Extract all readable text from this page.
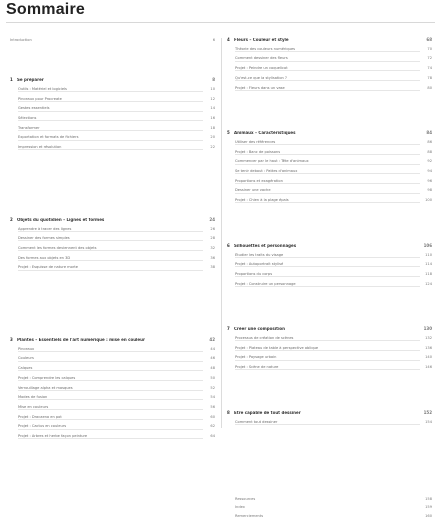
Sommaire
Introduction	6
1	Se préparer	8
Outils : Matériel et logiciels	10
Pinceaux pour Procreate	12
Gestes essentiels	14
Sélections	16
Transformer	18
Exportation et formats de fichiers	20
Impression et résolution	22
2	Objets du quotidien – Lignes et formes	24
Apprendre à tracer des lignes	26
Dessiner des formes simples	28
Comment les formes deviennent des objets	32
Des formes aux objets en 3D	36
Projet : Esquisse de nature morte	38
3	Plantes – Essentiels de l'art numérique : mise en couleur	42
Pinceaux	44
Couleurs	46
Calques	48
Projet : Comprendre les calques	50
Verrouillage alpha et masques	52
Modes de fusion	54
Mise en couleurs	56
Projet : Dracaena en pot	60
Projet : Cactus en couleurs	62
Projet : Arbres et herbe façon peinture	64
4	Fleurs – Couleur et style	68
Théorie des couleurs numériques	70
Comment dessiner des fleurs	72
Projet : Peindre un coquelicot	74
Qu'est-ce que la stylisation ?	78
Projet : Fleurs dans un vase	80
5	Animaux – Caractéristiques	84
Utiliser des références	86
Projet : Banc de poissons	88
Commencer par le haut : Tête d'animaux	92
Se tenir debout : Pattes d'animaux	94
Proportions et exagération	96
Dessiner une vache	98
Projet : Chien à la plage épais	100
6	Silhouettes et personnages	106
Étudier les traits du visage	110
Projet : Autoportrait stylisé	114
Proportions du corps	118
Projet : Construire un personnage	124
7	Créer une composition	130
Processus de création de scènes	132
Projet : Plateau de table à perspective oblique	136
Projet : Paysage urbain	140
Projet : Scène de nature	146
8	Être capable de tout dessiner	152
Comment tout dessiner	154
Ressources	158
Index	159
Remerciements	160
